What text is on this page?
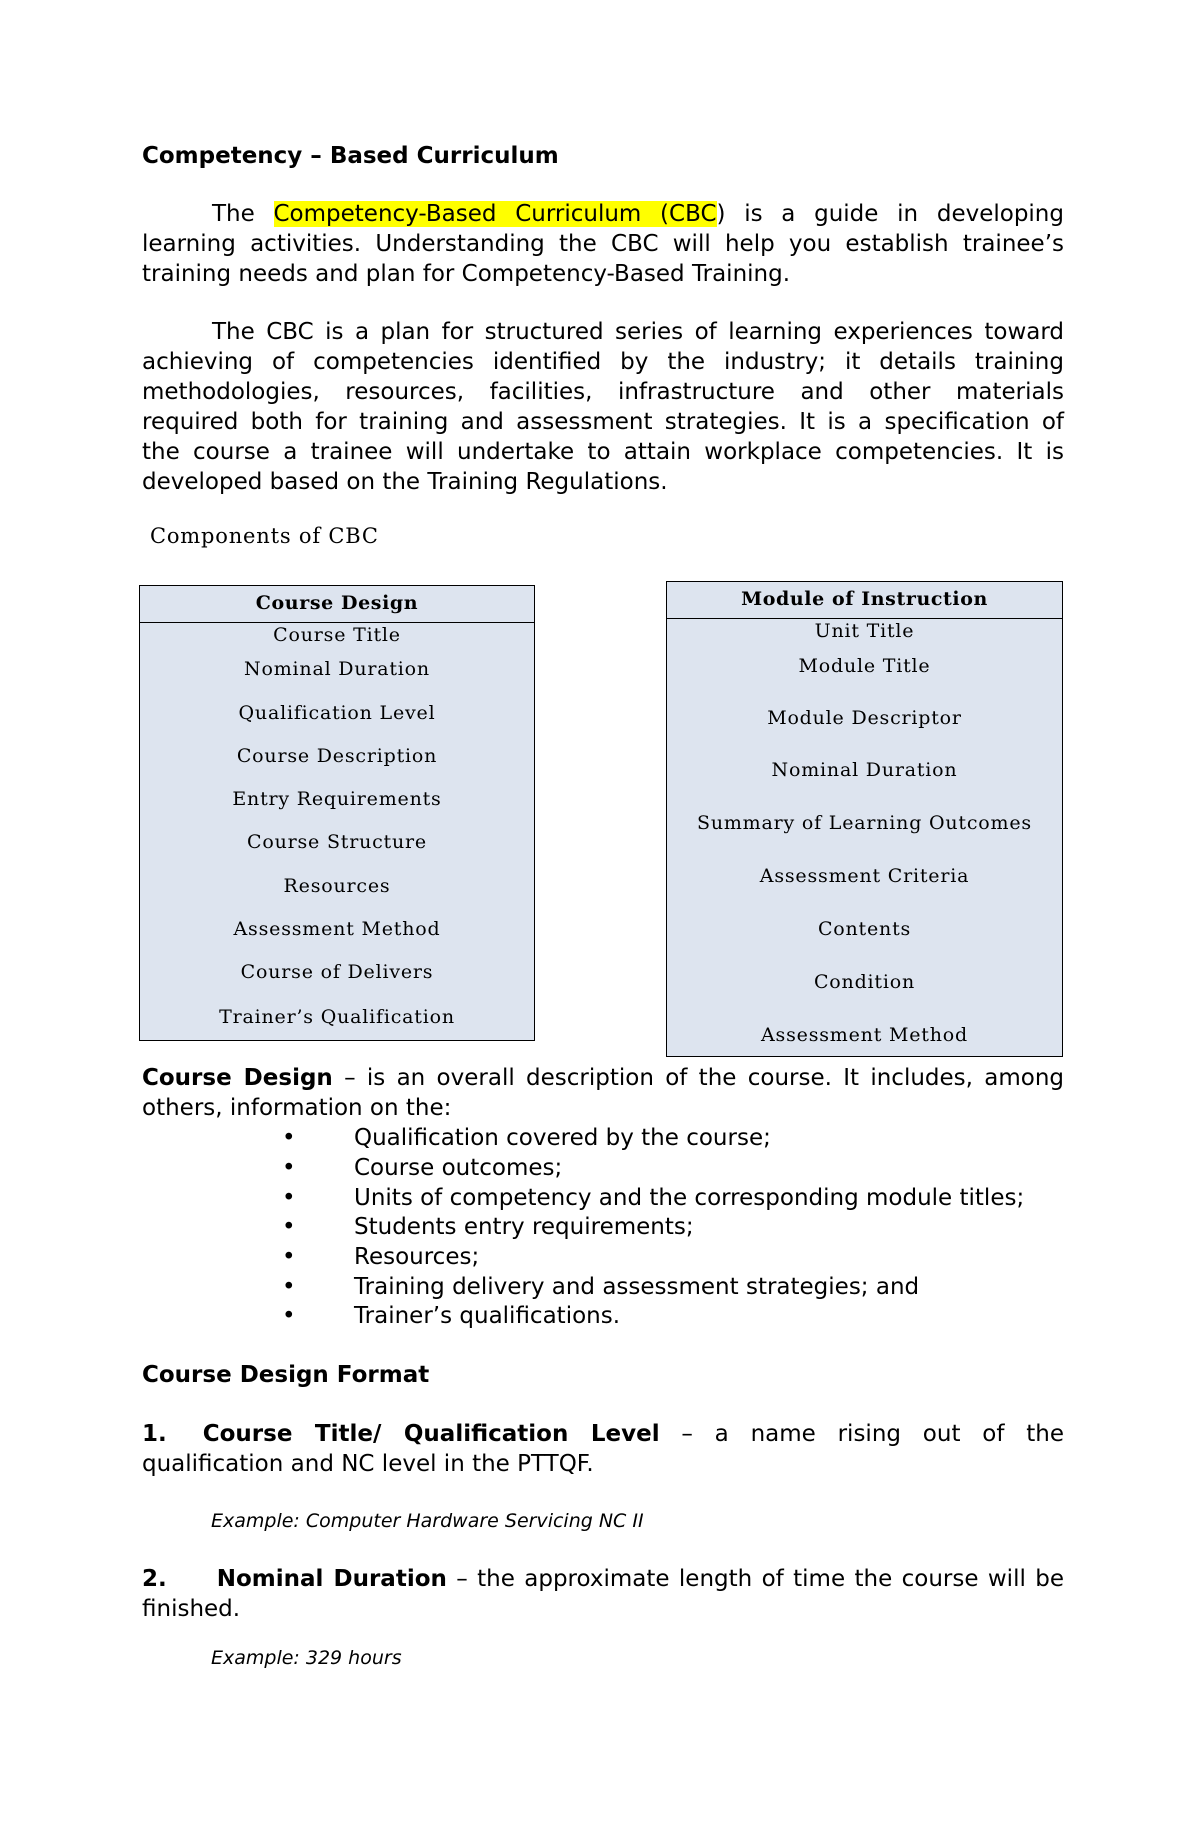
Competency – Based Curriculum
The Competency-Based Curriculum (CBC) is a guide in developing
learning activities. Understanding the CBC will help you establish trainee’s
training needs and plan for Competency-Based Training.
The CBC is a plan for structured series of learning experiences toward
achieving of competencies identified by the industry; it details training
methodologies, resources, facilities, infrastructure and other materials
required both for training and assessment strategies. It is a specification of
the course a trainee will undertake to attain workplace competencies. It is
developed based on the Training Regulations.
Components of CBC
Course Design
Course Title
Nominal Duration
Qualification Level
Course Description
Entry Requirements
Course Structure
Resources
Assessment Method
Course of Delivers
Trainer’s Qualification
Module of Instruction
Unit Title
Module Title
Module Descriptor
Nominal Duration
Summary of Learning Outcomes
Assessment Criteria
Contents
Condition
Assessment Method
Course Design – is an overall description of the course. It includes, among
others, information on the:
•	Qualification covered by the course;
•	Course outcomes;
•	Units of competency and the corresponding module titles;
•	Students entry requirements;
•	Resources;
•	Training delivery and assessment strategies; and
•	Trainer’s qualifications.
Course Design Format
1. Course Title/ Qualification Level – a name rising out of the
qualification and NC level in the PTTQF.
Example: Computer Hardware Servicing NC II
2. Nominal Duration – the approximate length of time the course will be
finished.
Example: 329 hours
